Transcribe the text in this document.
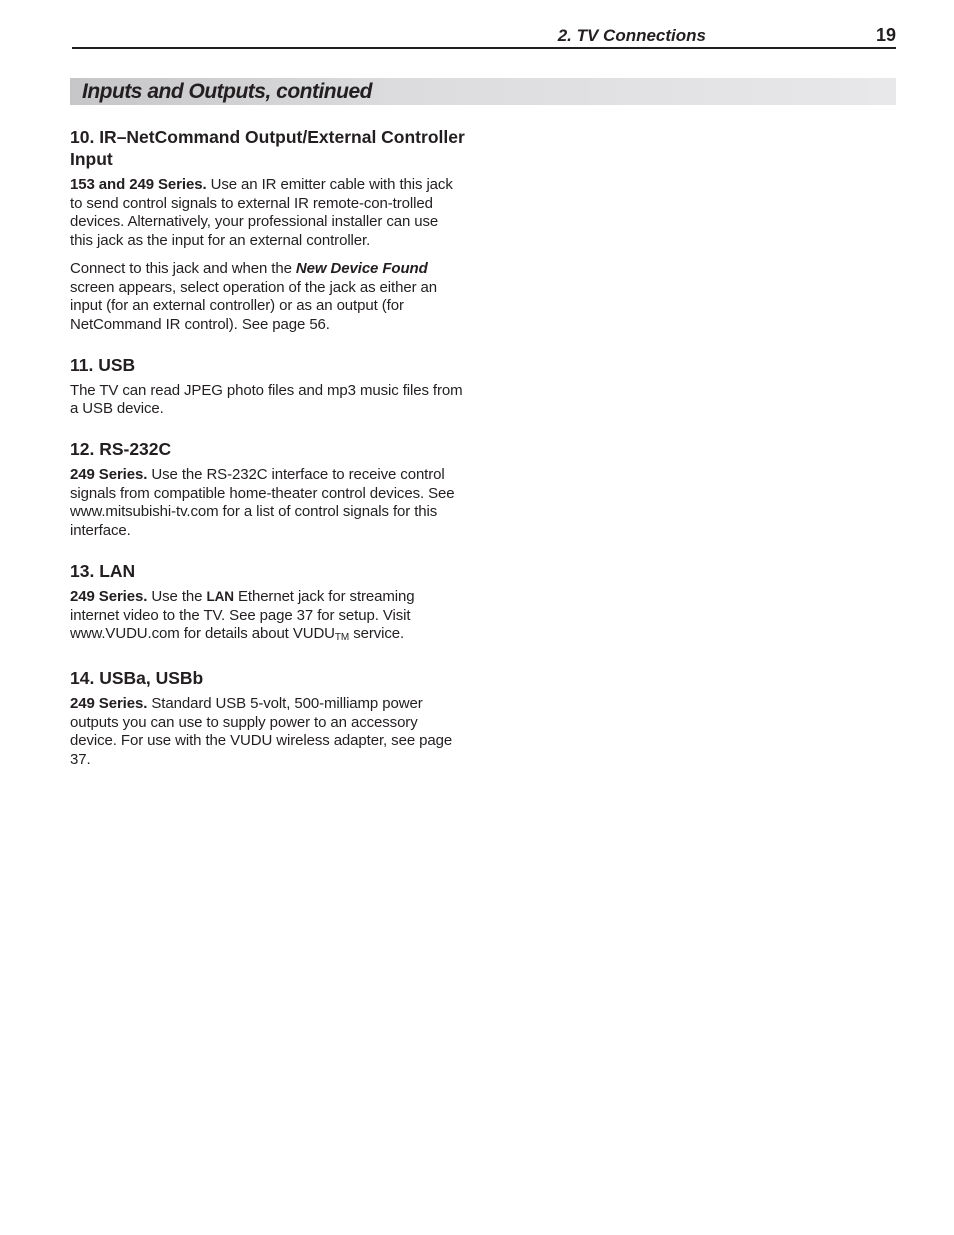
2. TV Connections	19
Inputs and Outputs, continued
10. IR–NetCommand Output/External Controller Input

153 and 249 Series. Use an IR emitter cable with this jack to send control signals to external IR remote-con-trolled devices. Alternatively, your professional installer can use this jack as the input for an external controller.

Connect to this jack and when the New Device Found screen appears, select operation of the jack as either an input (for an external controller) or as an output (for NetCommand IR control). See page 56.

11. USB

The TV can read JPEG photo files and mp3 music files from a USB device.

12. RS-232C

249 Series. Use the RS-232C interface to receive control signals from compatible home-theater control devices. See www.mitsubishi-tv.com for a list of control signals for this interface.

13. LAN

249 Series. Use the LAN Ethernet jack for streaming internet video to the TV. See page 37 for setup. Visit www.VUDU.com for details about VUDUTM service.

14. USBa, USBb

249 Series. Standard USB 5-volt, 500-milliamp power outputs you can use to supply power to an accessory device. For use with the VUDU wireless adapter, see page 37.
